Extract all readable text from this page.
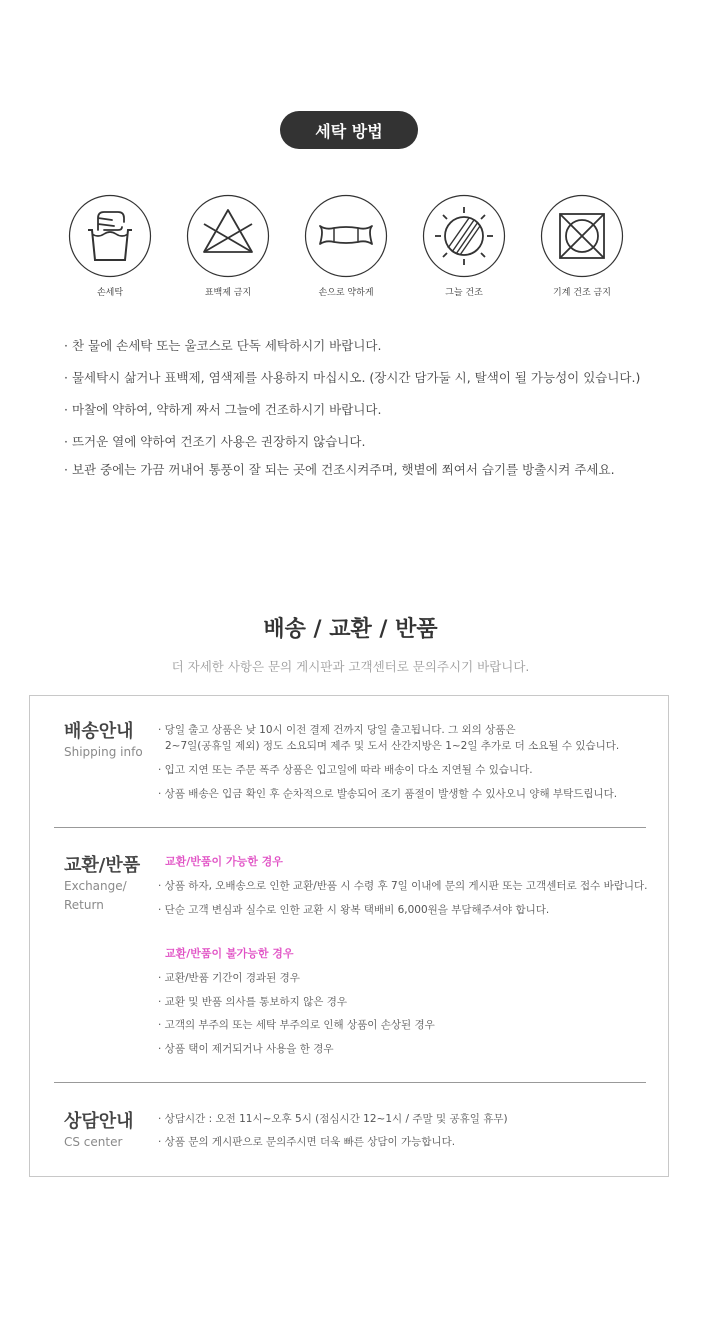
세탁 방법
손세탁	표백제 금지	손으로 약하게	그늘 건조	기계 건조 금지
· 찬 물에 손세탁 또는 울코스로 단독 세탁하시기 바랍니다.
· 물세탁시 삶거나 표백제, 염색제를 사용하지 마십시오. (장시간 담가둘 시, 탈색이 될 가능성이 있습니다.)
· 마찰에 약하여, 약하게 짜서 그늘에 건조하시기 바랍니다.
· 뜨거운 열에 약하여 건조기 사용은 권장하지 않습니다.
· 보관 중에는 가끔 꺼내어 통풍이 잘 되는 곳에 건조시켜주며, 햇볕에 쬐여서 습기를 방출시켜 주세요.
배송 / 교환 / 반품
더 자세한 사항은 문의 게시판과 고객센터로 문의주시기 바랍니다.
배송안내
Shipping info
· 당일 출고 상품은 낮 10시 이전 결제 건까지 당일 출고됩니다. 그 외의 상품은
2~7일(공휴일 제외) 정도 소요되며 제주 및 도서 산간지방은 1~2일 추가로 더 소요될 수 있습니다.
· 입고 지연 또는 주문 폭주 상품은 입고일에 따라 배송이 다소 지연될 수 있습니다.
· 상품 배송은 입금 확인 후 순차적으로 발송되어 조기 품절이 발생할 수 있사오니 양해 부탁드립니다.
교환/반품
Exchange/
Return
교환/반품이 가능한 경우
· 상품 하자, 오배송으로 인한 교환/반품 시 수령 후 7일 이내에 문의 게시판 또는 고객센터로 접수 바랍니다.
· 단순 고객 변심과 실수로 인한 교환 시 왕복 택배비 6,000원을 부담해주셔야 합니다.
교환/반품이 불가능한 경우
· 교환/반품 기간이 경과된 경우
· 교환 및 반품 의사를 통보하지 않은 경우
· 고객의 부주의 또는 세탁 부주의로 인해 상품이 손상된 경우
· 상품 택이 제거되거나 사용을 한 경우
상담안내
CS center
· 상담시간 : 오전 11시~오후 5시 (점심시간 12~1시 / 주말 및 공휴일 휴무)
· 상품 문의 게시판으로 문의주시면 더욱 빠른 상담이 가능합니다.
